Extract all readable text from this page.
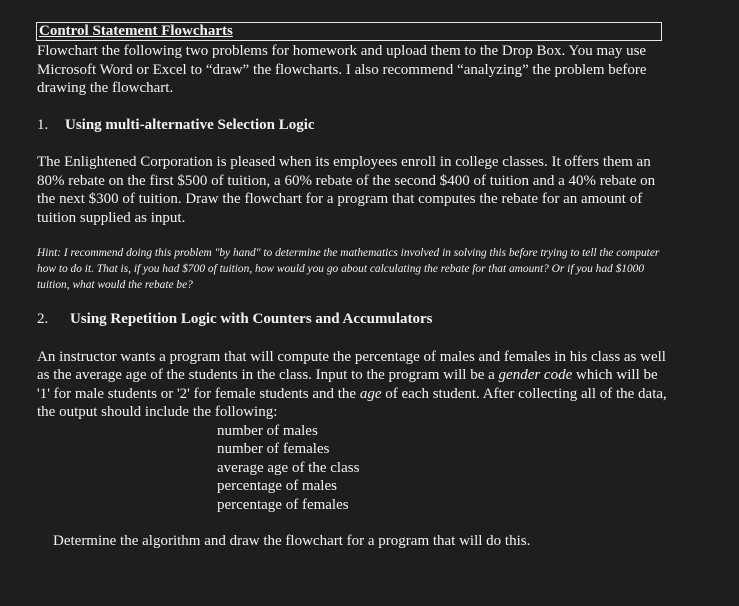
Control Statement Flowcharts

Flowchart the following two problems for homework and upload them to the Drop Box. You may use Microsoft Word or Excel to “draw” the flowcharts. I also recommend “analyzing” the problem before drawing the flowchart.

1. Using multi-alternative Selection Logic

The Enlightened Corporation is pleased when its employees enroll in college classes. It offers them an 80% rebate on the first $500 of tuition, a 60% rebate of the second $400 of tuition and a 40% rebate on the next $300 of tuition. Draw the flowchart for a program that computes the rebate for an amount of tuition supplied as input.

Hint: I recommend doing this problem "by hand" to determine the mathematics involved in solving this before trying to tell the computer how to do it. That is, if you had $700 of tuition, how would you go about calculating the rebate for that amount? Or if you had $1000 tuition, what would the rebate be?

2. Using Repetition Logic with Counters and Accumulators

An instructor wants a program that will compute the percentage of males and females in his class as well as the average age of the students in the class. Input to the program will be a gender code which will be '1' for male students or '2' for female students and the age of each student. After collecting all of the data, the output should include the following:

number of males
number of females
average age of the class
percentage of males
percentage of females

Determine the algorithm and draw the flowchart for a program that will do this.
